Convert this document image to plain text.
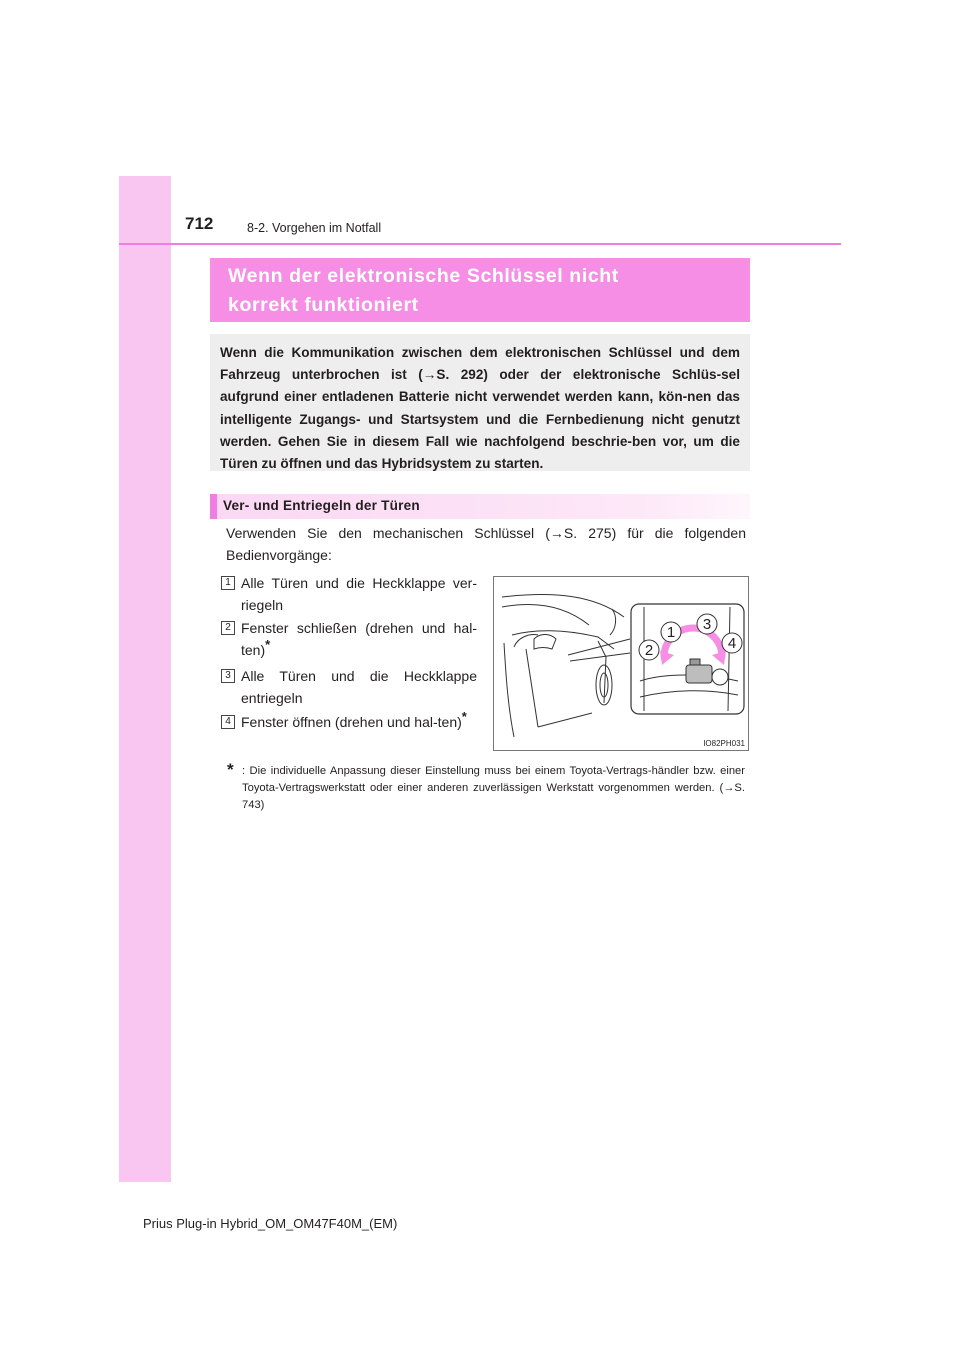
712	8-2. Vorgehen im Notfall

Wenn der elektronische Schlüssel nicht

korrekt funktioniert

Wenn die Kommunikation zwischen dem elektronischen Schlüssel und dem Fahrzeug unterbrochen ist (→S. 292) oder der elektronische Schlüs-sel aufgrund einer entladenen Batterie nicht verwendet werden kann, kön-nen das intelligente Zugangs- und Startsystem und die Fernbedienung nicht genutzt werden. Gehen Sie in diesem Fall wie nachfolgend beschrie-ben vor, um die Türen zu öffnen und das Hybridsystem zu starten.

Ver- und Entriegeln der Türen

Verwenden Sie den mechanischen Schlüssel (→S. 275) für die folgenden Bedienvorgänge:

1 Alle Türen und die Heckklappe ver-riegeln
2 Fenster schließen (drehen und hal-ten)*
3 Alle Türen und die Heckklappe entriegeln
4 Fenster öffnen (drehen und hal-ten)*
1
2
3
4
IO82PH031
* : Die individuelle Anpassung dieser Einstellung muss bei einem Toyota-Vertrags-händler bzw. einer Toyota-Vertragswerkstatt oder einer anderen zuverlässigen Werkstatt vorgenommen werden. (→S. 743)

Prius Plug-in Hybrid_OM_OM47F40M_(EM)
